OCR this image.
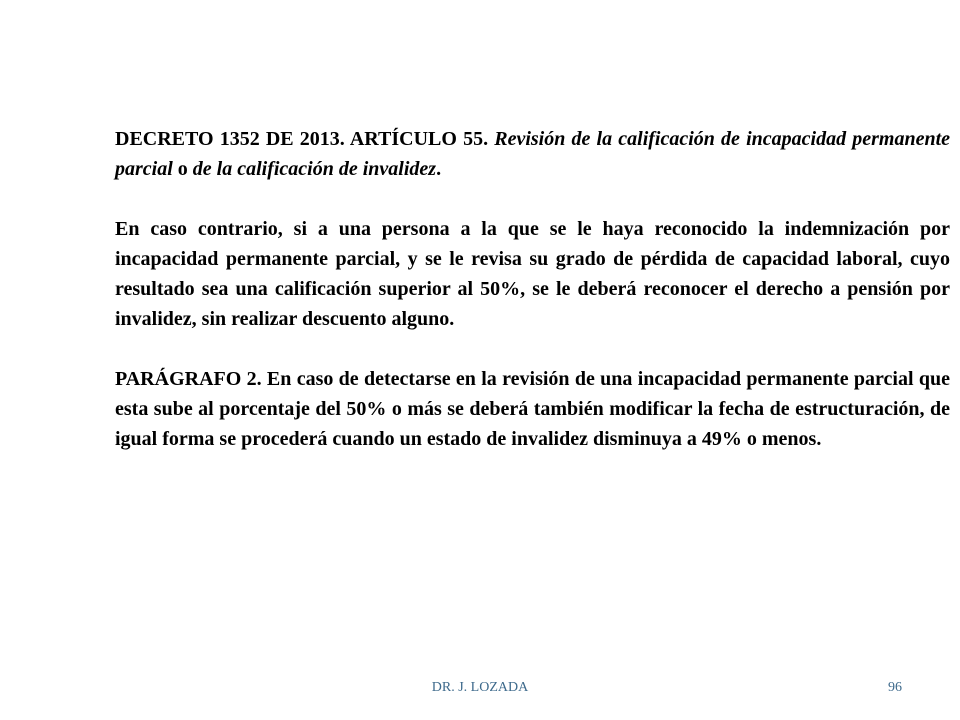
DECRETO 1352 DE 2013. ARTÍCULO 55. Revisión de la calificación de incapacidad permanente parcial o de la calificación de invalidez.

En caso contrario, si a una persona a la que se le haya reconocido la indemnización por incapacidad permanente parcial, y se le revisa su grado de pérdida de capacidad laboral, cuyo resultado sea una calificación superior al 50%, se le deberá reconocer el derecho a pensión por invalidez, sin realizar descuento alguno.

PARÁGRAFO 2. En caso de detectarse en la revisión de una incapacidad permanente parcial que esta sube al porcentaje del 50% o más se deberá también modificar la fecha de estructuración, de igual forma se procederá cuando un estado de invalidez disminuya a 49% o menos.

DR. J. LOZADA	96
